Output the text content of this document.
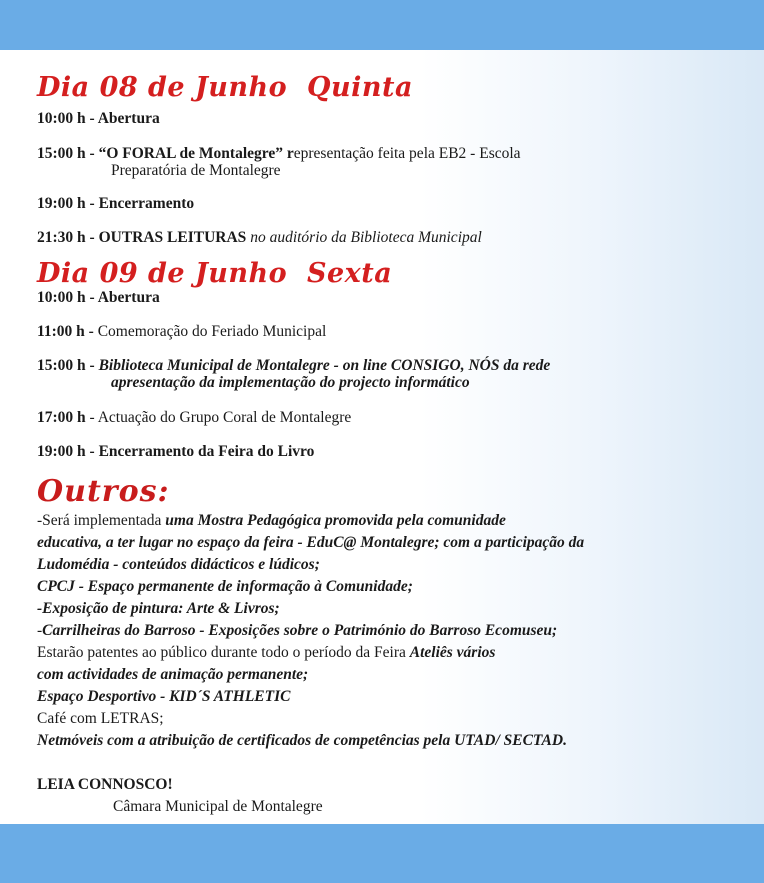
Dia 08 de Junho  Quinta
10:00 h - Abertura
15:00 h - “O FORAL de Montalegre” representação feita pela EB2 - Escola
Preparatória de Montalegre
19:00 h - Encerramento
21:30 h - OUTRAS LEITURAS no auditório da Biblioteca Municipal
Dia 09 de Junho  Sexta
10:00 h - Abertura
11:00 h - Comemoração do Feriado Municipal
15:00 h - Biblioteca Municipal de Montalegre - on line CONSIGO, NÓS da rede
apresentação da implementação do projecto informático
17:00 h - Actuação do Grupo Coral de Montalegre
19:00 h - Encerramento da Feira do Livro
Outros:
-Será implementada uma Mostra Pedagógica promovida pela comunidade
educativa, a ter lugar no espaço da feira - EduC@ Montalegre; com a participação da
Ludomédia - conteúdos didácticos e lúdicos;
CPCJ - Espaço permanente de informação à Comunidade;
-Exposição de pintura: Arte & Livros;
-Carrilheiras do Barroso - Exposições sobre o Património do Barroso Ecomuseu;
Estarão patentes ao público durante todo o período da Feira Ateliês vários
com actividades de animação permanente;
Espaço Desportivo - KID´S ATHLETIC
Café com LETRAS;
Netmóveis com a atribuição de certificados de competências pela UTAD/ SECTAD.
LEIA CONNOSCO!
Câmara Municipal de Montalegre
